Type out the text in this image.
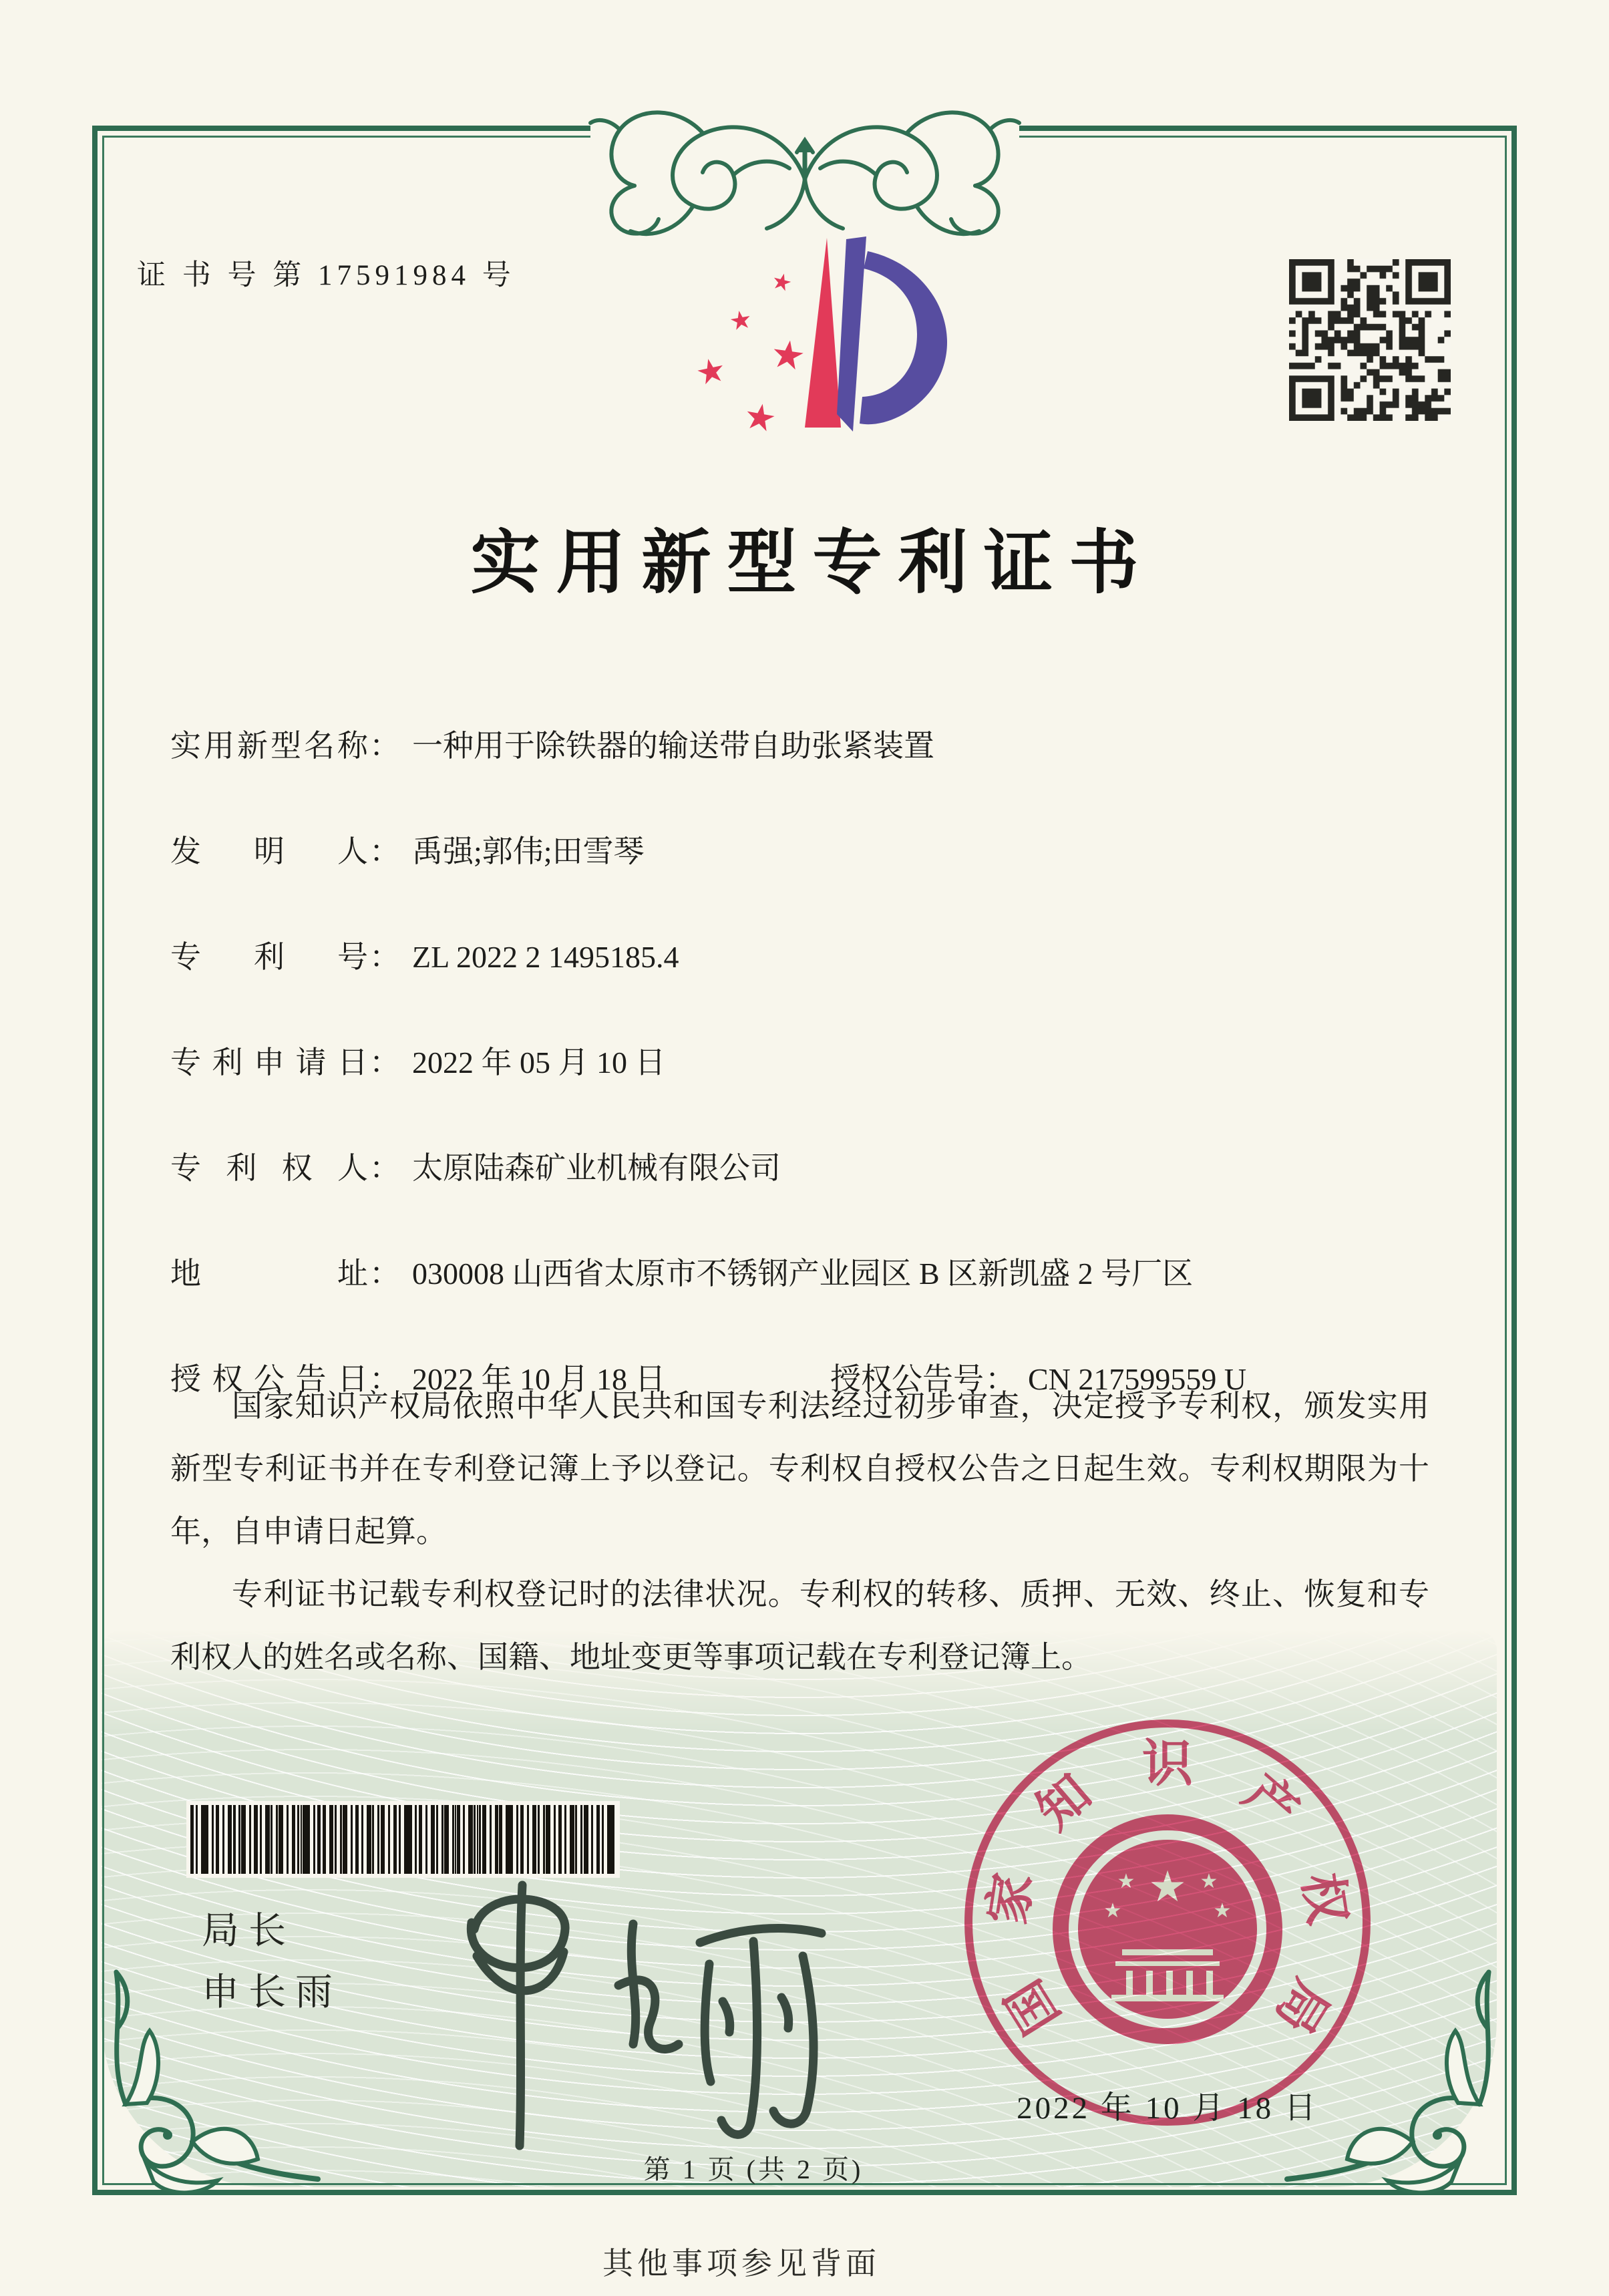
证 书 号 第 17591984 号	★
★
★
★
★
实用新型专利证书
实用新型名称： 一种用于除铁器的输送带自助张紧装置
发明人： 禹强;郭伟;田雪琴
专利号： ZL 2022 2 1495185.4
专利申请日： 2022 年 05 月 10 日
专利权人： 太原陆森矿业机械有限公司
地址： 030008 山西省太原市不锈钢产业园区 B 区新凯盛 2 号厂区
授权公告日： 2022 年 10 月 18 日	授权公告号： CN 217599559 U

国家知识产权局依照中华人民共和国专利法经过初步审查，决定授予专利权，颁发实用新型专利证书并在专利登记簿上予以登记。专利权自授权公告之日起生效。专利权期限为十年，自申请日起算。

专利证书记载专利权登记时的法律状况。专利权的转移、质押、无效、终止、恢复和专利权人的姓名或名称、国籍、地址变更等事项记载在专利登记簿上。

局长
申长雨	国
家
知
识
产
权
局
★
★	★
★	★
2022 年 10 月 18 日
第 1 页 (共 2 页)
其他事项参见背面
